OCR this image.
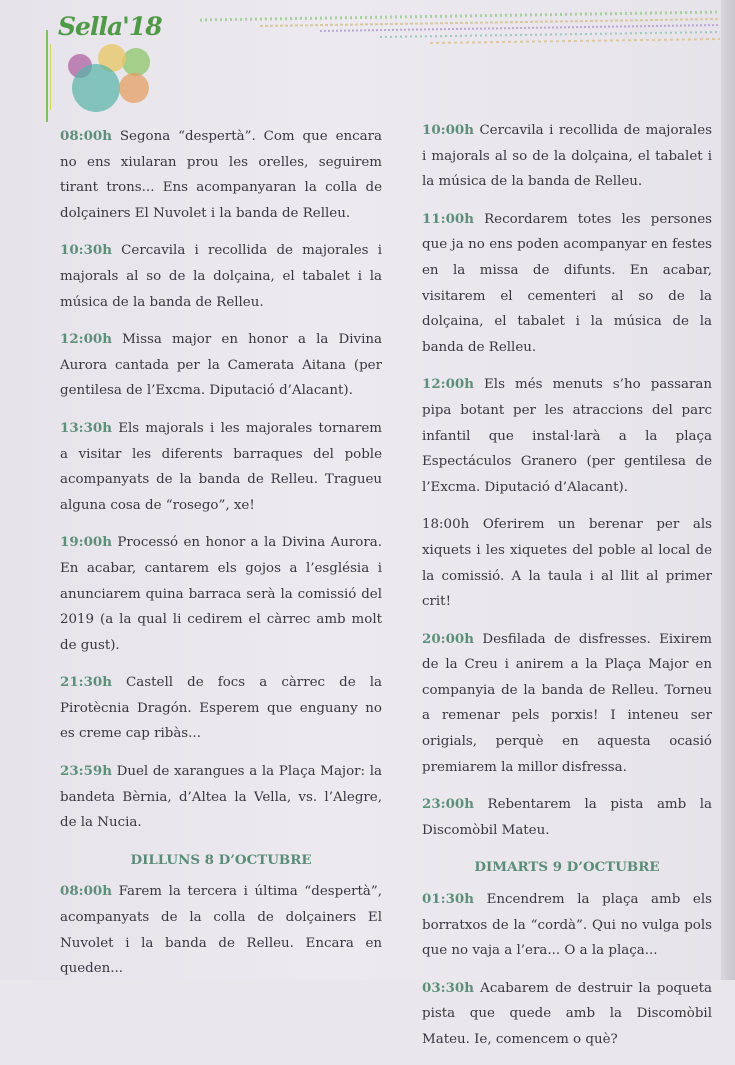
Sella'18

08:00h Segona “despertà”. Com que encara no ens xiularan prou les orelles, seguirem tirant trons... Ens acompanyaran la colla de dolçainers El Nuvolet i la banda de Relleu.

10:30h Cercavila i recollida de majorales i majorals al so de la dolçaina, el tabalet i la música de la banda de Relleu.

12:00h Missa major en honor a la Divina Aurora cantada per la Camerata Aitana (per gentilesa de l’Excma. Diputació d’Alacant).

13:30h Els majorals i les majorales tornarem a visitar les diferents barraques del poble acompanyats de la banda de Relleu. Tragueu alguna cosa de “rosego”, xe!

19:00h Processó en honor a la Divina Aurora. En acabar, cantarem els gojos a l’església i anunciarem quina barraca serà la comissió del 2019 (a la qual li cedirem el càrrec amb molt de gust).

21:30h Castell de focs a càrrec de la Pirotècnia Dragón. Esperem que enguany no es creme cap ribàs...

23:59h Duel de xarangues a la Plaça Major: la bandeta Bèrnia, d’Altea la Vella, vs. l’Alegre, de la Nucia.

DILLUNS 8 D’OCTUBRE

08:00h Farem la tercera i última “despertà”, acompanyats de la colla de dolçainers El Nuvolet i la banda de Relleu. Encara en queden...

10:00h Cercavila i recollida de majorales i majorals al so de la dolçaina, el tabalet i la música de la banda de Relleu.

11:00h Recordarem totes les persones que ja no ens poden acompanyar en festes en la missa de difunts. En acabar, visitarem el cementeri al so de la dolçaina, el tabalet i la música de la banda de Relleu.

12:00h Els més menuts s’ho passaran pipa botant per les atraccions del parc infantil que instal·larà a la plaça Espectáculos Granero (per gentilesa de l’Excma. Diputació d’Alacant).

18:00h Oferirem un berenar per als xiquets i les xiquetes del poble al local de la comissió. A la taula i al llit al primer crit!

20:00h Desfilada de disfresses. Eixirem de la Creu i anirem a la Plaça Major en companyia de la banda de Relleu. Torneu a remenar pels porxis! I inteneu ser origials, perquè en aquesta ocasió premiarem la millor disfressa.

23:00h Rebentarem la pista amb la Discomòbil Mateu.

DIMARTS 9 D’OCTUBRE

01:30h Encendrem la plaça amb els borratxos de la “cordà”. Qui no vulga pols que no vaja a l’era... O a la plaça...

03:30h Acabarem de destruir la poqueta pista que quede amb la Discomòbil Mateu. Ie, comencem o què?
